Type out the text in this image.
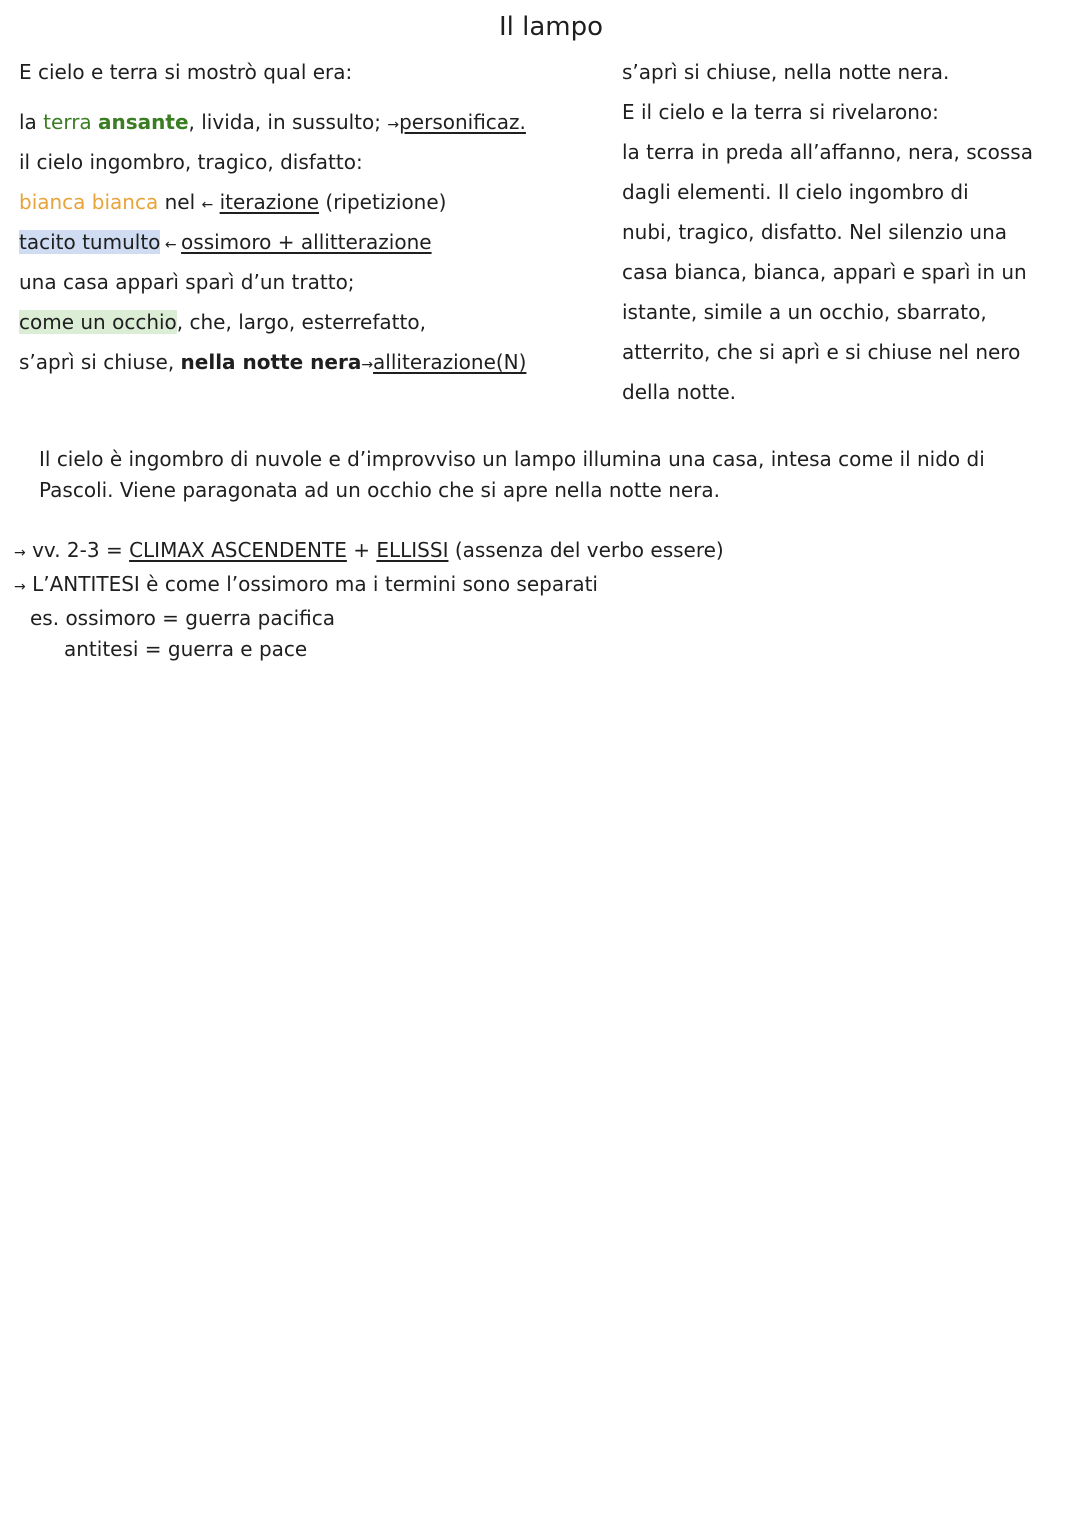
Il lampo
E cielo e terra si mostrò qual era:
la terra ansante, livida, in sussulto; →personificaz.
il cielo ingombro, tragico, disfatto:
bianca bianca nel ← iterazione (ripetizione)
tacito tumulto ← ossimoro + allitterazione
una casa apparì sparì d’un tratto;
come un occhio, che, largo, esterrefatto,
s’aprì si chiuse, nella notte nera→alliterazione(N)
s’aprì si chiuse, nella notte nera.
E il cielo e la terra si rivelarono:
la terra in preda all’affanno, nera, scossa
dagli elementi. Il cielo ingombro di
nubi, tragico, disfatto. Nel silenzio una
casa bianca, bianca, apparì e sparì in un
istante, simile a un occhio, sbarrato,
atterrito, che si aprì e si chiuse nel nero
della notte.
Il cielo è ingombro di nuvole e d’improvviso un lampo illumina una casa, intesa come il nido di Pascoli. Viene paragonata ad un occhio che si apre nella notte nera.
→ vv. 2-3 = CLIMAX ASCENDENTE + ELLISSI (assenza del verbo essere)
→ L’ANTITESI è come l’ossimoro ma i termini sono separati
es. ossimoro = guerra pacifica
antitesi = guerra e pace
